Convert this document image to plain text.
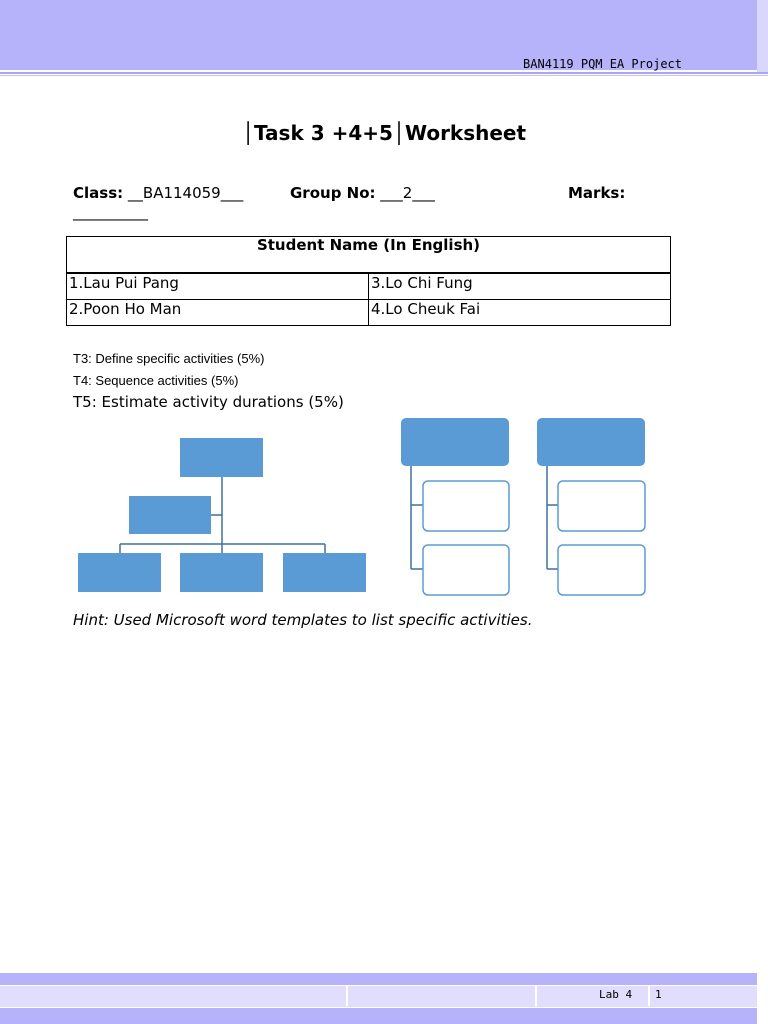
BAN4119 PQM EA Project
│Task 3 +4+5│Worksheet
Class: __BA114059___	Group No: ___2___	Marks:
__________
Student Name (In English)	
1.Lau Pui Pang	3.Lo Chi Fung
2.Poon Ho Man	4.Lo Cheuk Fai
T3: Define specific activities (5%)
T4: Sequence activities (5%)
T5: Estimate activity durations (5%)
Hint: Used Microsoft word templates to list specific activities.
Lab 4 1
